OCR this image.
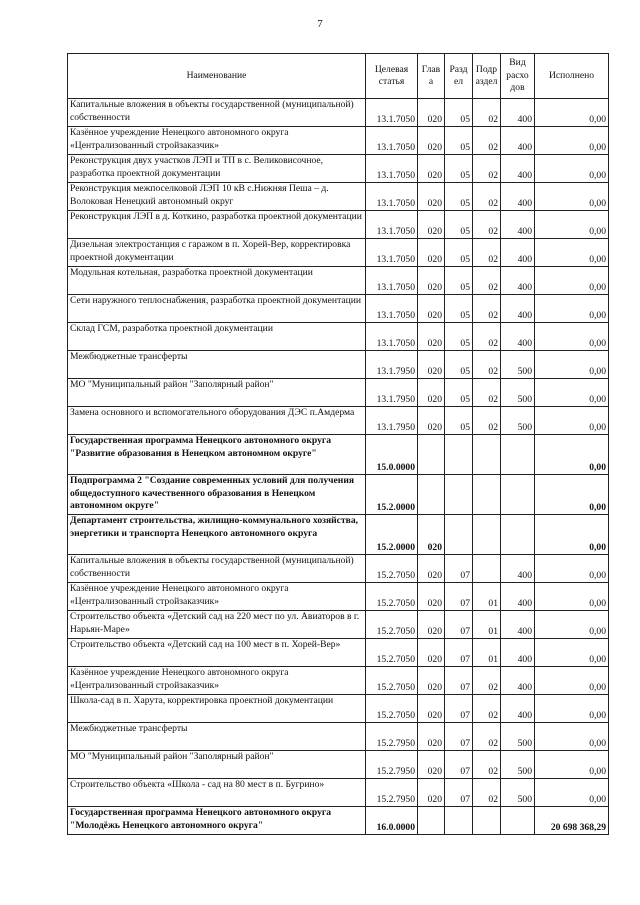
7
Наименование	Целевая статья	Глав а	Разд ел	Подр аздел	Вид расхо дов	Исполнено
Капитальные вложения в объекты государственной (муниципальной) собственности	13.1.7050	020	05	02	400	0,00
Казённое учреждение Ненецкого автономного округа «Централизованный стройзаказчик»	13.1.7050	020	05	02	400	0,00
Реконструкция двух участков ЛЭП и ТП в с. Великовисочное, разработка проектной документации	13.1.7050	020	05	02	400	0,00
Реконструкция межпоселковой ЛЭП 10 кВ с.Нижняя Пеша – д. Волоковая Ненецкий автономный округ	13.1.7050	020	05	02	400	0,00
Реконструкция ЛЭП в д. Коткино, разработка проектной документации	13.1.7050	020	05	02	400	0,00
Дизельная электростанция с гаражом в п. Хорей-Вер, корректировка проектной документации	13.1.7050	020	05	02	400	0,00
Модульная котельная, разработка проектной документации	13.1.7050	020	05	02	400	0,00
Сети наружного теплоснабжения, разработка проектной документации	13.1.7050	020	05	02	400	0,00
Склад ГСМ, разработка проектной документации	13.1.7050	020	05	02	400	0,00
Межбюджетные трансферты	13.1.7950	020	05	02	500	0,00
МО "Муниципальный район "Заполярный район"	13.1.7950	020	05	02	500	0,00
Замена основного и вспомогательного оборудования ДЭС п.Амдерма	13.1.7950	020	05	02	500	0,00
Государственная программа Ненецкого автономного округа "Развитие образования в Ненецком автономном округе"	15.0.0000					0,00
Подпрограмма 2 "Создание современных условий для получения общедоступного качественного образования в Ненецком автономном округе"	15.2.0000					0,00
Департамент строительства, жилищно-коммунального хозяйства, энергетики и транспорта Ненецкого автономного округа	15.2.0000	020				0,00
Капитальные вложения в объекты государственной (муниципальной) собственности	15.2.7050	020	07		400	0,00
Казённое учреждение Ненецкого автономного округа «Централизованный стройзаказчик»	15.2.7050	020	07	01	400	0,00
Строительство объекта «Детский сад на 220 мест по ул. Авиаторов в г. Нарьян-Маре»	15.2.7050	020	07	01	400	0,00
Строительство объекта «Детский сад на 100 мест в п. Хорей-Вер»	15.2.7050	020	07	01	400	0,00
Казённое учреждение Ненецкого автономного округа «Централизованный стройзаказчик»	15.2.7050	020	07	02	400	0,00
Школа-сад в п. Харута, корректировка проектной документации	15.2.7050	020	07	02	400	0,00
Межбюджетные трансферты	15.2.7950	020	07	02	500	0,00
МО "Муниципальный район "Заполярный район"	15.2.7950	020	07	02	500	0,00
Строительство объекта «Школа - сад на 80 мест в п. Бугрино»	15.2.7950	020	07	02	500	0,00
Государственная программа Ненецкого автономного округа "Молодёжь Ненецкого автономного округа"	16.0.0000					20 698 368,29
